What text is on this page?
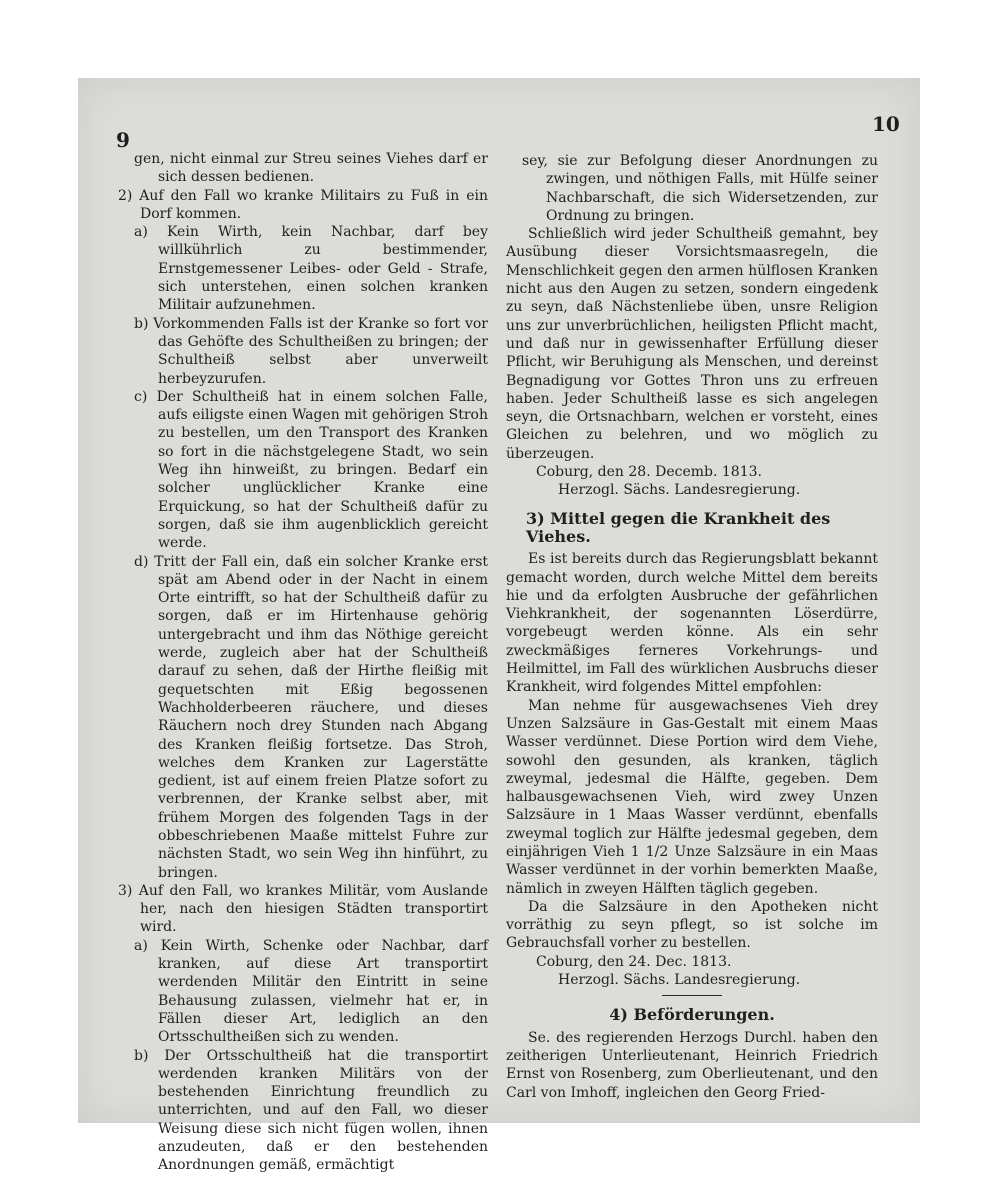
9
10

gen, nicht einmal zur Streu seines Viehes darf er sich dessen bedienen.

2) Auf den Fall wo kranke Militairs zu Fuß in ein Dorf kommen.

a) Kein Wirth, kein Nachbar, darf bey willkührlich zu bestimmender, Ernstgemessener Leibes- oder Geld - Strafe, sich unterstehen, einen solchen kranken Militair aufzunehmen.

b) Vorkommenden Falls ist der Kranke so fort vor das Gehöfte des Schultheißen zu bringen; der Schultheiß selbst aber unverweilt herbeyzurufen.

c) Der Schultheiß hat in einem solchen Falle, aufs eiligste einen Wagen mit gehörigen Stroh zu bestellen, um den Transport des Kranken so fort in die nächstgelegene Stadt, wo sein Weg ihn hinweißt, zu bringen. Bedarf ein solcher unglücklicher Kranke eine Erquickung, so hat der Schultheiß dafür zu sorgen, daß sie ihm augenblicklich gereicht werde.

d) Tritt der Fall ein, daß ein solcher Kranke erst spät am Abend oder in der Nacht in einem Orte eintrifft, so hat der Schultheiß dafür zu sorgen, daß er im Hirtenhause gehörig untergebracht und ihm das Nöthige gereicht werde, zugleich aber hat der Schultheiß darauf zu sehen, daß der Hirthe fleißig mit gequetschten mit Eßig begossenen Wachholderbeeren räuchere, und dieses Räuchern noch drey Stunden nach Abgang des Kranken fleißig fortsetze. Das Stroh, welches dem Kranken zur Lagerstätte gedient, ist auf einem freien Platze sofort zu verbrennen, der Kranke selbst aber, mit frühem Morgen des folgenden Tags in der obbeschriebenen Maaße mittelst Fuhre zur nächsten Stadt, wo sein Weg ihn hinführt, zu bringen.

3) Auf den Fall, wo krankes Militär, vom Auslande her, nach den hiesigen Städten transportirt wird.

a) Kein Wirth, Schenke oder Nachbar, darf kranken, auf diese Art transportirt werdenden Militär den Eintritt in seine Behausung zulassen, vielmehr hat er, in Fällen dieser Art, lediglich an den Ortsschultheißen sich zu wenden.

b) Der Ortsschultheiß hat die transportirt werdenden kranken Militärs von der bestehenden Einrichtung freundlich zu unterrichten, und auf den Fall, wo dieser Weisung diese sich nicht fügen wollen, ihnen anzudeuten, daß er den bestehenden Anordnungen gemäß, ermächtigt

sey, sie zur Befolgung dieser Anordnungen zu zwingen, und nöthigen Falls, mit Hülfe seiner Nachbarschaft, die sich Widersetzenden, zur Ordnung zu bringen.

Schließlich wird jeder Schultheiß gemahnt, bey Ausübung dieser Vorsichtsmaasregeln, die Menschlichkeit gegen den armen hülflosen Kranken nicht aus den Augen zu setzen, sondern eingedenk zu seyn, daß Nächstenliebe üben, unsre Religion uns zur unverbrüchlichen, heiligsten Pflicht macht, und daß nur in gewissenhafter Erfüllung dieser Pflicht, wir Beruhigung als Menschen, und dereinst Begnadigung vor Gottes Thron uns zu erfreuen haben. Jeder Schultheiß lasse es sich angelegen seyn, die Ortsnachbarn, welchen er vorsteht, eines Gleichen zu belehren, und wo möglich zu überzeugen.

Coburg, den 28. Decemb. 1813.
Herzogl. Sächs. Landesregierung.

3) Mittel gegen die Krankheit des Viehes.

Es ist bereits durch das Regierungsblatt bekannt gemacht worden, durch welche Mittel dem bereits hie und da erfolgten Ausbruche der gefährlichen Viehkrankheit, der sogenannten Löserdürre, vorgebeugt werden könne. Als ein sehr zweckmäßiges ferneres Vorkehrungs- und Heilmittel, im Fall des würklichen Ausbruchs dieser Krankheit, wird folgendes Mittel empfohlen:

Man nehme für ausgewachsenes Vieh drey Unzen Salzsäure in Gas-Gestalt mit einem Maas Wasser verdünnet. Diese Portion wird dem Viehe, sowohl den gesunden, als kranken, täglich zweymal, jedesmal die Hälfte, gegeben. Dem halbausgewachsenen Vieh, wird zwey Unzen Salzsäure in 1 Maas Wasser verdünnt, ebenfalls zweymal toglich zur Hälfte jedesmal gegeben, dem einjährigen Vieh 1 1/2 Unze Salzsäure in ein Maas Wasser verdünnet in der vorhin bemerkten Maaße, nämlich in zweyen Hälften täglich gegeben.

Da die Salzsäure in den Apotheken nicht vorräthig zu seyn pflegt, so ist solche im Gebrauchsfall vorher zu bestellen.

Coburg, den 24. Dec. 1813.
Herzogl. Sächs. Landesregierung.

4) Beförderungen.

Se. des regierenden Herzogs Durchl. haben den zeitherigen Unterlieutenant, Heinrich Friedrich Ernst von Rosenberg, zum Oberlieutenant, und den Carl von Imhoff, ingleichen den Georg Fried-
